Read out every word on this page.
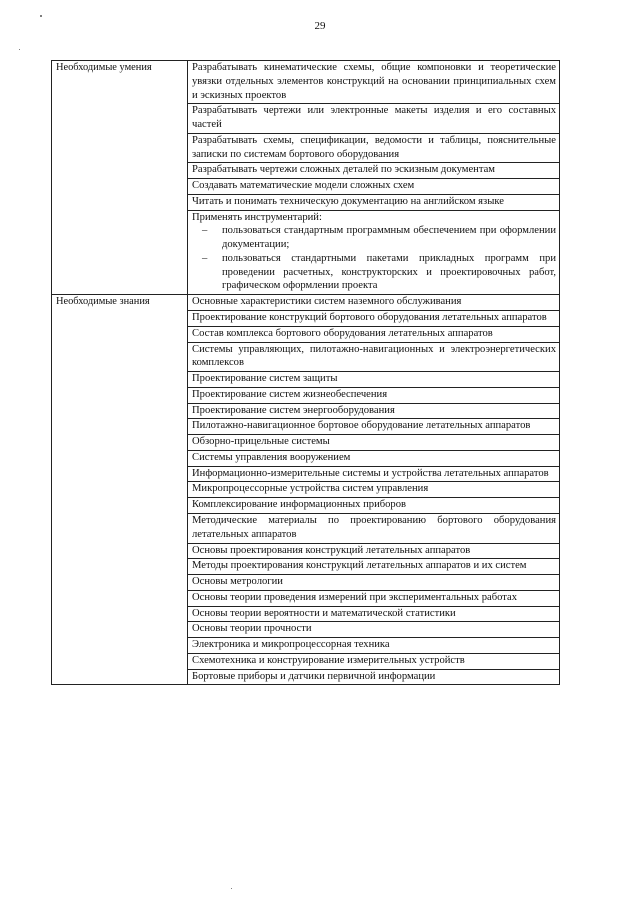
29
Необходимые умения	Разрабатывать кинематические схемы, общие компоновки и теоретические увязки отдельных элементов конструкций на основании принципиальных схем и эскизных проектов
	Разрабатывать чертежи или электронные макеты изделия и его составных частей
	Разрабатывать схемы, спецификации, ведомости и таблицы, пояснительные записки по системам бортового оборудования
	Разрабатывать чертежи сложных деталей по эскизным документам
	Создавать математические модели сложных схем
	Читать и понимать техническую документацию на английском языке

	Применять инструментарий:
– пользоваться стандартным программным обеспечением при оформлении документации;
– пользоваться стандартными пакетами прикладных программ при проведении расчетных, конструкторских и проектировочных работ, графическом оформлении проекта

Необходимые знания	Основные характеристики систем наземного обслуживания
	Проектирование конструкций бортового оборудования летательных аппаратов
	Состав комплекса бортового оборудования летательных аппаратов
	Системы управляющих, пилотажно-навигационных и электроэнергетических комплексов
	Проектирование систем защиты
	Проектирование систем жизнеобеспечения
	Проектирование систем энергооборудования
	Пилотажно-навигационное бортовое оборудование летательных аппаратов
	Обзорно-прицельные системы
	Системы управления вооружением
	Информационно-измерительные системы и устройства летательных аппаратов
	Микропроцессорные устройства систем управления
	Комплексирование информационных приборов
	Методические материалы по проектированию бортового оборудования летательных аппаратов
	Основы проектирования конструкций летательных аппаратов
	Методы проектирования конструкций летательных аппаратов и их систем
	Основы метрологии
	Основы теории проведения измерений при экспериментальных работах
	Основы теории вероятности и математической статистики
	Основы теории прочности
	Электроника и микропроцессорная техника
	Схемотехника и конструирование измерительных устройств
	Бортовые приборы и датчики первичной информации
